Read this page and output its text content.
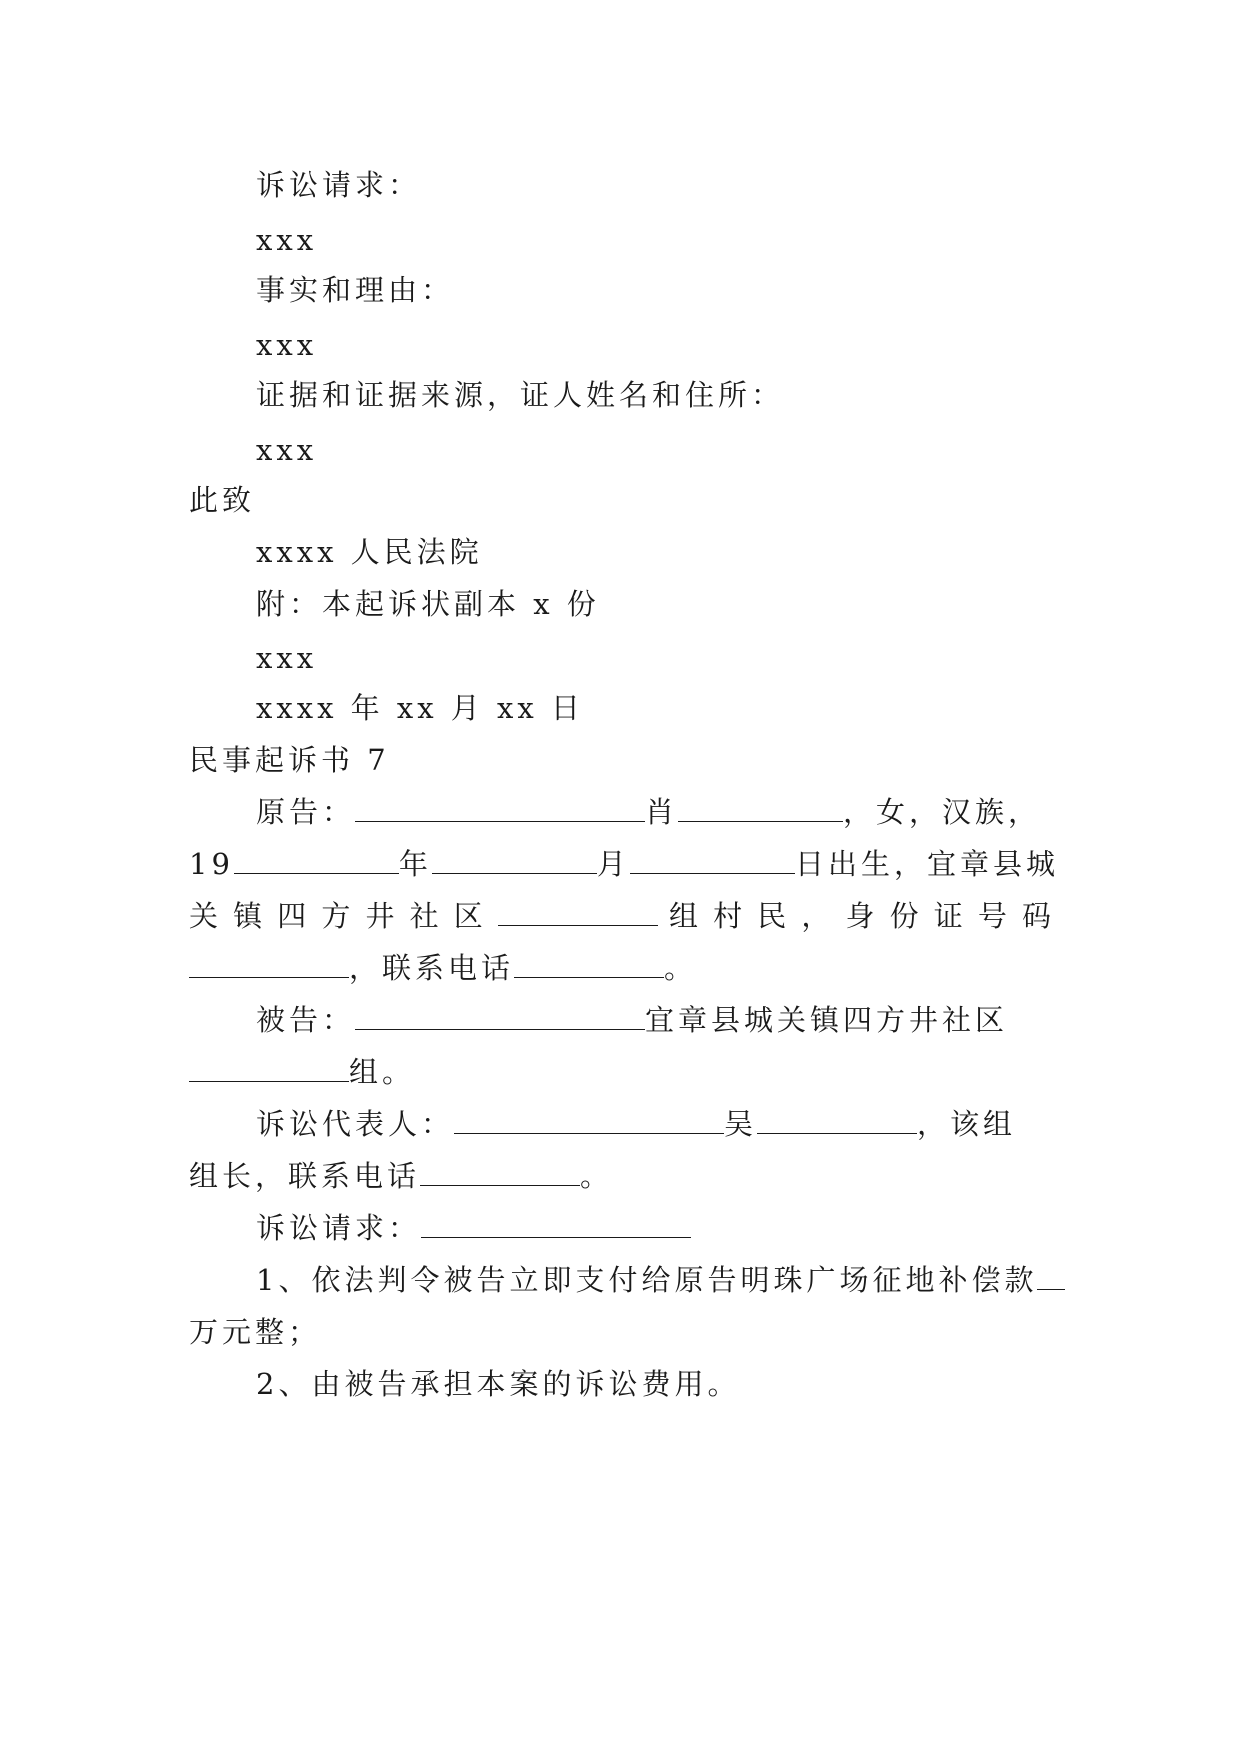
诉讼请求：
xxx
事实和理由：
xxx
证据和证据来源，证人姓名和住所：
xxx
此致
xxxx 人民法院
附：本起诉状副本 x 份
xxx
xxxx 年 xx 月 xx 日
民事起诉书 7
原告：	肖	，女，汉族，
19	年	月	日出生，宜章县城
关镇四方井社区	组村民，身份证号码
，联系电话	。
被告：	宜章县城关镇四方井社区
组。
诉讼代表人：	吴	，该组
组长，联系电话	。
诉讼请求：
1、依法判令被告立即支付给原告明珠广场征地补偿款
万元整；
2、由被告承担本案的诉讼费用。
